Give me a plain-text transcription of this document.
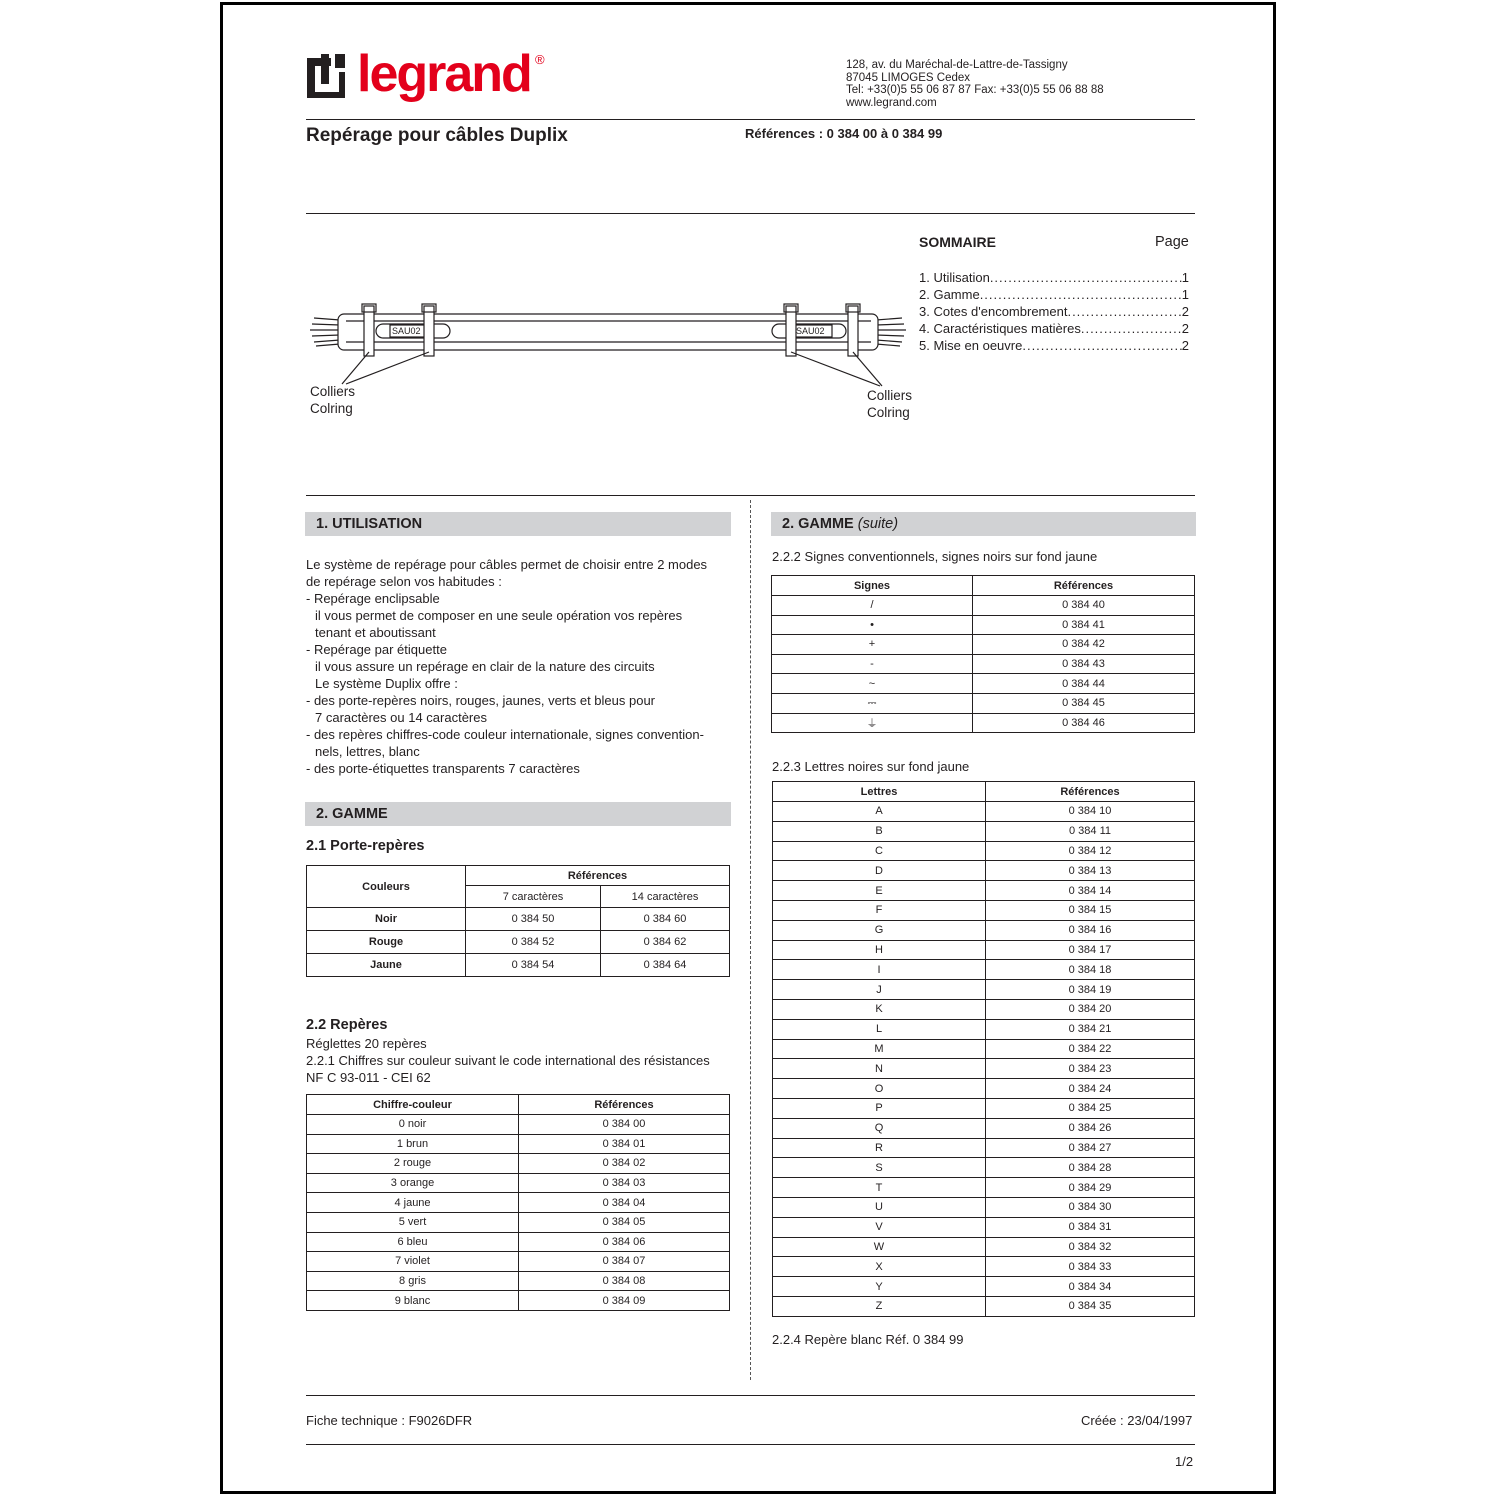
legrand ®	128, av. du Maréchal-de-Lattre-de-Tassigny
87045 LIMOGES Cedex
Tel: +33(0)5 55 06 87 87 Fax: +33(0)5 55 06 88 88
www.legrand.com
Repérage pour câbles Duplix	Références : 0 384 00 à 0 384 99
SOMMAIRE	Page
1. Utilisation .....	1
2. Gamme .....	1
3. Cotes d'encombrement .....	2
4. Caractéristiques matières .....	2
5. Mise en oeuvre .....	2
SAU02	SAU02
Colliers
Colring
Colliers
Colring
1. UTILISATION
Le système de repérage pour câbles permet de choisir entre 2 modes
de repérage selon vos habitudes :
- Repérage enclipsable
il vous permet de composer en une seule opération vos repères
tenant et aboutissant
- Repérage par étiquette
il vous assure un repérage en clair de la nature des circuits
Le système Duplix offre :
- des porte-repères noirs, rouges, jaunes, verts et bleus pour
7 caractères ou 14 caractères
- des repères chiffres-code couleur internationale, signes convention-
nels, lettres, blanc
- des porte-étiquettes transparents 7 caractères
2. GAMME
2.1 Porte-repères
Couleurs	Références	
	7 caractères	14 caractères
Noir	0 384 50	0 384 60
Rouge	0 384 52	0 384 62
Jaune	0 384 54	0 384 64
2.2 Repères
Réglettes 20 repères
2.2.1 Chiffres sur couleur suivant le code international des résistances
NF C 93-011 - CEI 62
Chiffre-couleur	Références
0 noir	0 384 00
1 brun	0 384 01
2 rouge	0 384 02
3 orange	0 384 03
4 jaune	0 384 04
5 vert	0 384 05
6 bleu	0 384 06
7 violet	0 384 07
8 gris	0 384 08
9 blanc	0 384 09
2. GAMME (suite)
2.2.2 Signes conventionnels, signes noirs sur fond jaune
Signes	Références
/	0 384 40
•	0 384 41
+	0 384 42
-	0 384 43
~	0 384 44
⎓	0 384 45
⏚	0 384 46
2.2.3 Lettres noires sur fond jaune
Lettres	Références
A	0 384 10
B	0 384 11
C	0 384 12
D	0 384 13
E	0 384 14
F	0 384 15
G	0 384 16
H	0 384 17
I	0 384 18
J	0 384 19
K	0 384 20
L	0 384 21
M	0 384 22
N	0 384 23
O	0 384 24
P	0 384 25
Q	0 384 26
R	0 384 27
S	0 384 28
T	0 384 29
U	0 384 30
V	0 384 31
W	0 384 32
X	0 384 33
Y	0 384 34
Z	0 384 35
2.2.4 Repère blanc Réf. 0 384 99
Fiche technique : F9026DFR	Créée : 23/04/1997
1/2
